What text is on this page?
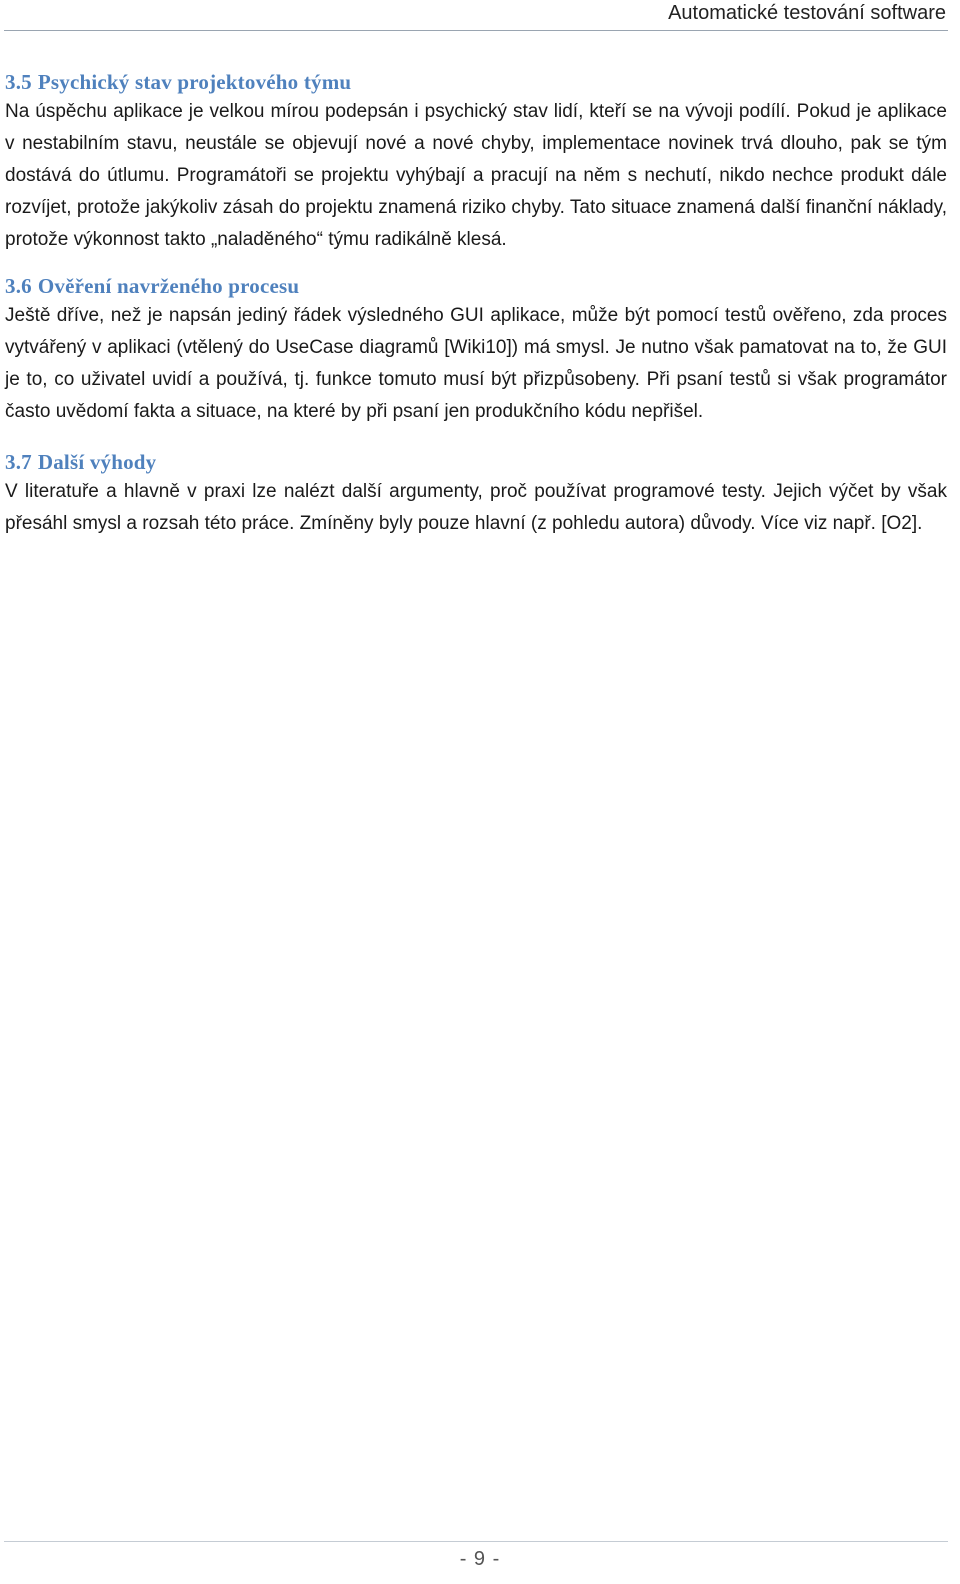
Automatické testování software
3.5 Psychický stav projektového týmu

Na úspěchu aplikace je velkou mírou podepsán i psychický stav lidí, kteří se na vývoji podílí. Pokud je aplikace v nestabilním stavu, neustále se objevují nové a nové chyby, implementace novinek trvá dlouho, pak se tým dostává do útlumu. Programátoři se projektu vyhýbají a pracují na něm s nechutí, nikdo nechce produkt dále rozvíjet, protože jakýkoliv zásah do projektu znamená riziko chyby. Tato situace znamená další finanční náklady, protože výkonnost takto „naladěného“ týmu radikálně klesá.

3.6 Ověření navrženého procesu

Ještě dříve, než je napsán jediný řádek výsledného GUI aplikace, může být pomocí testů ověřeno, zda proces vytvářený v aplikaci (vtělený do UseCase diagramů [Wiki10]) má smysl. Je nutno však pamatovat na to, že GUI je to, co uživatel uvidí a používá, tj. funkce tomuto musí být přizpůsobeny. Při psaní testů si však programátor často uvědomí fakta a situace, na které by při psaní jen produkčního kódu nepřišel.

3.7 Další výhody

V literatuře a hlavně v praxi lze nalézt další argumenty, proč používat programové testy. Jejich výčet by však přesáhl smysl a rozsah této práce. Zmíněny byly pouze hlavní (z pohledu autora) důvody. Více viz např. [O2].

- 9 -
